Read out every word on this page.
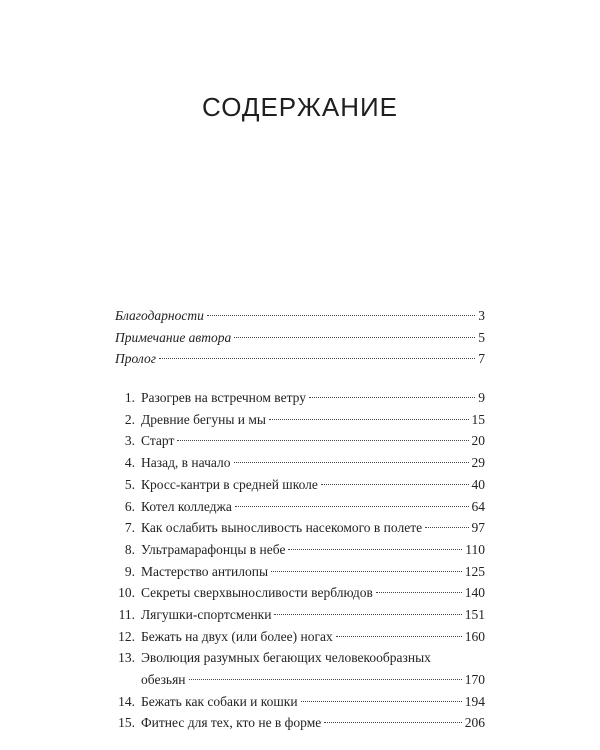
СОДЕРЖАНИЕ
Благодарности	3
Примечание автора	5
Пролог	7
1. Разогрев на встречном ветру	9
2. Древние бегуны и мы	15
3. Старт	20
4. Назад, в начало	29
5. Кросс-кантри в средней школе	40
6. Котел колледжа	64
7. Как ослабить выносливость насекомого в полете	97
8. Ультрамарафонцы в небе	110
9. Мастерство антилопы	125
10. Секреты сверхвыносливости верблюдов	140
11. Лягушки-спортсменки	151
12. Бежать на двух (или более) ногах	160
13. Эволюция разумных бегающих человекообразных
обезьян	170
14. Бежать как собаки и кошки	194
15. Фитнес для тех, кто не в форме	206
